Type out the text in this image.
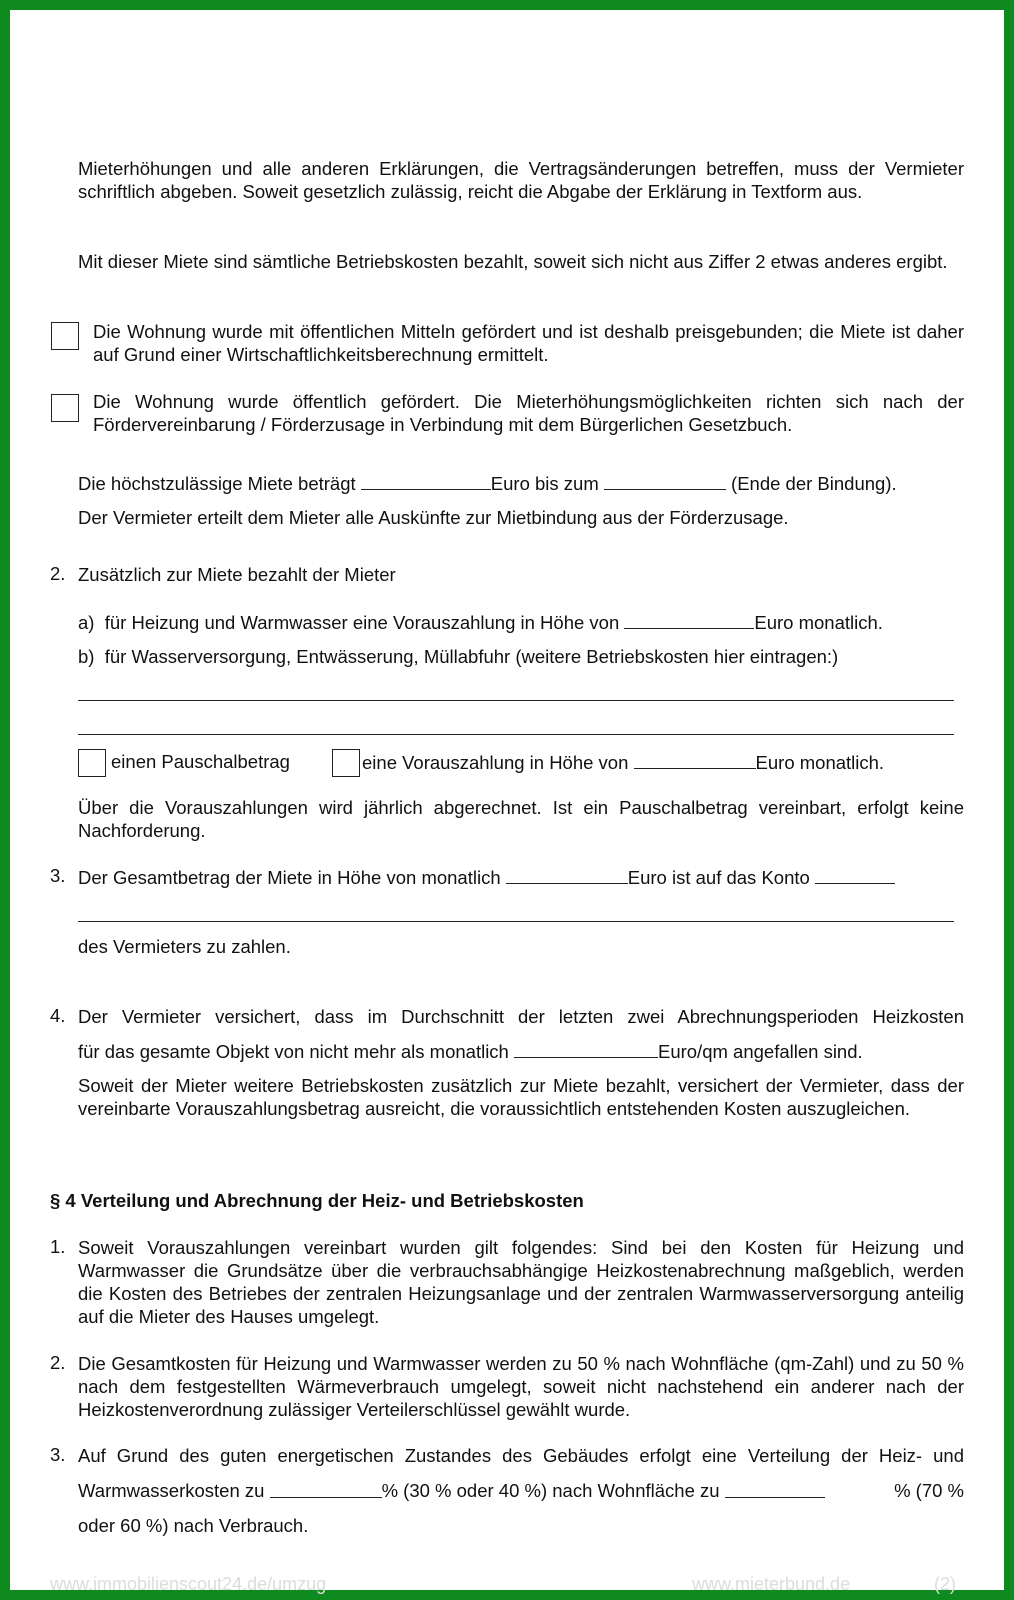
Mieterhöhungen und alle anderen Erklärungen, die Vertragsänderungen betreffen, muss der Vermieter schriftlich abgeben. Soweit gesetzlich zulässig, reicht die Abgabe der Erklärung in Textform aus.
Mit dieser Miete sind sämtliche Betriebskosten bezahlt, soweit sich nicht aus Ziffer 2 etwas anderes ergibt.
Die Wohnung wurde mit öffentlichen Mitteln gefördert und ist deshalb preisgebunden; die Miete ist daher auf Grund einer Wirtschaftlichkeitsberechnung ermittelt.
Die Wohnung wurde öffentlich gefördert. Die Mieterhöhungsmöglichkeiten richten sich nach der Fördervereinbarung / Förderzusage in Verbindung mit dem Bürgerlichen Gesetzbuch.
Die höchstzulässige Miete beträgt	Euro bis zum	(Ende der Bindung).
Der Vermieter erteilt dem Mieter alle Auskünfte zur Mietbindung aus der Förderzusage.
2. Zusätzlich zur Miete bezahlt der Mieter
a) für Heizung und Warmwasser eine Vorauszahlung in Höhe von	Euro monatlich.
b) für Wasserversorgung, Entwässerung, Müllabfuhr (weitere Betriebskosten hier eintragen:)
einen Pauschalbetrag	eine Vorauszahlung in Höhe von	Euro monatlich.
Über die Vorauszahlungen wird jährlich abgerechnet. Ist ein Pauschalbetrag vereinbart, erfolgt keine Nachforderung.
3. Der Gesamtbetrag der Miete in Höhe von monatlich	Euro ist auf das Konto
des Vermieters zu zahlen.
4. Der Vermieter versichert, dass im Durchschnitt der letzten zwei Abrechnungsperioden Heizkosten
für das gesamte Objekt von nicht mehr als monatlich	Euro/qm angefallen sind.
Soweit der Mieter weitere Betriebskosten zusätzlich zur Miete bezahlt, versichert der Vermieter, dass der vereinbarte Vorauszahlungsbetrag ausreicht, die voraussichtlich entstehenden Kosten auszugleichen.
§ 4 Verteilung und Abrechnung der Heiz- und Betriebskosten
1. Soweit Vorauszahlungen vereinbart wurden gilt folgendes: Sind bei den Kosten für Heizung und Warmwasser die Grundsätze über die verbrauchsabhängige Heizkostenabrechnung maßgeblich, werden die Kosten des Betriebes der zentralen Heizungsanlage und der zentralen Warmwasserversorgung anteilig auf die Mieter des Hauses umgelegt.
2. Die Gesamtkosten für Heizung und Warmwasser werden zu 50 % nach Wohnfläche (qm-Zahl) und zu 50 % nach dem festgestellten Wärmeverbrauch umgelegt, soweit nicht nachstehend ein anderer nach der Heizkostenverordnung zulässiger Verteilerschlüssel gewählt wurde.
3. Auf Grund des guten energetischen Zustandes des Gebäudes erfolgt eine Verteilung der Heiz- und
Warmwasserkosten zu
	% (30 % oder 40 %) nach Wohnfläche zu
	% (70 %
oder 60 %) nach Verbrauch.
www.immobilienscout24.de/umzug	www.mieterbund.de	(2)
